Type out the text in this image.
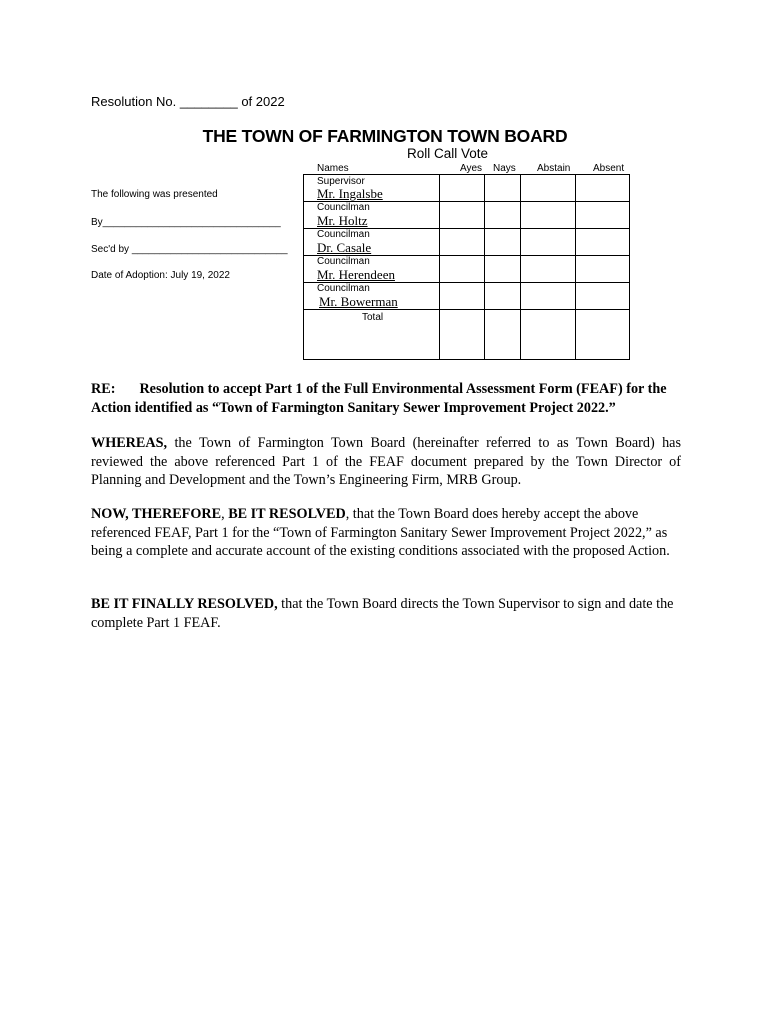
Resolution No. ________ of 2022
THE TOWN OF FARMINGTON TOWN BOARD
Roll Call Vote
The following was presented
By________________________________
Sec'd by ____________________________
Date of Adoption: July 19, 2022
Names	Ayes Nays Abstain Absent
Supervisor
Mr. Ingalsbe
Councilman
Mr. Holtz
Councilman
Dr. Casale
Councilman
Mr. Herendeen
Councilman
Mr. Bowerman
Total
RE: Resolution to accept Part 1 of the Full Environmental Assessment Form (FEAF) for the Action identified as “Town of Farmington Sanitary Sewer Improvement Project 2022.”
WHEREAS, the Town of Farmington Town Board (hereinafter referred to as Town Board) has reviewed the above referenced Part 1 of the FEAF document prepared by the Town Director of Planning and Development and the Town’s Engineering Firm, MRB Group.
NOW, THEREFORE, BE IT RESOLVED, that the Town Board does hereby accept the above referenced FEAF, Part 1 for the “Town of Farmington Sanitary Sewer Improvement Project 2022,” as being a complete and accurate account of the existing conditions associated with the proposed Action.
BE IT FINALLY RESOLVED, that the Town Board directs the Town Supervisor to sign and date the complete Part 1 FEAF.
